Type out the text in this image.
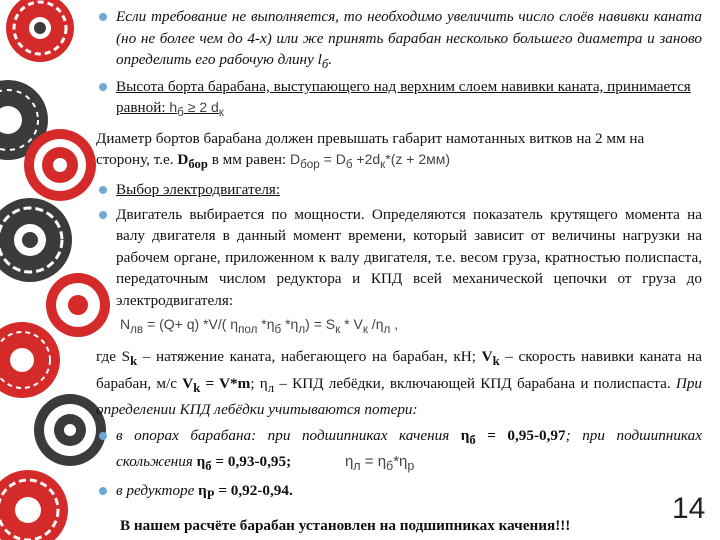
Если требование не выполняется, то необходимо увеличить число слоёв навивки каната (но не более чем до 4-х) или же принять барабан несколько большего диаметра и заново определить его рабочую длину $l_б$.
Высота борта барабана, выступающего над верхним слоем навивки каната, принимается равной: $h_б \ge 2$ $d_к$
Диаметр бортов барабана должен превышать габарит намотанных витков на 2 мм на сторону, т.е. $D_{бор}$ в мм равен: $D_{бор} = D_б +2d_к*(z + 2мм)$
Выбор электродвигателя:
Двигатель выбирается по мощности. Определяются показатель крутящего момента на валу двигателя в данный момент времени, который зависит от величины нагрузки на рабочем органе, приложенном к валу двигателя, т.е. весом груза, кратностью полиспаста, передаточным числом редуктора и КПД всей механической цепочки от груза до электродвигателя:
$N_{лв} = (Q+ q)$ *V/( $\eta_{пол}$ $*\eta_б$ $*\eta_л) = S_к * V_к$ $/\eta_л$ ,
где $S_k$ – натяжение каната, набегающего на барабан, кН; $V_k$ – скорость навивки каната на барабан, м/с $V_k = V*m$; $\eta_л$ – КПД лебёдки, включающей КПД барабана и полиспаста. При определении КПД лебёдки учитываются потери:
в опорах барабана: при подшипниках качения $\eta_б = 0,95-0,97$; при подшипниках скольжения $\eta_б = 0,93-0,95$;	$\eta_л = \eta_б*\eta_р$
в редукторе $\eta_Р = 0,92-0,94$.
В нашем расчёте барабан установлен на подшипниках качения!!!
14
